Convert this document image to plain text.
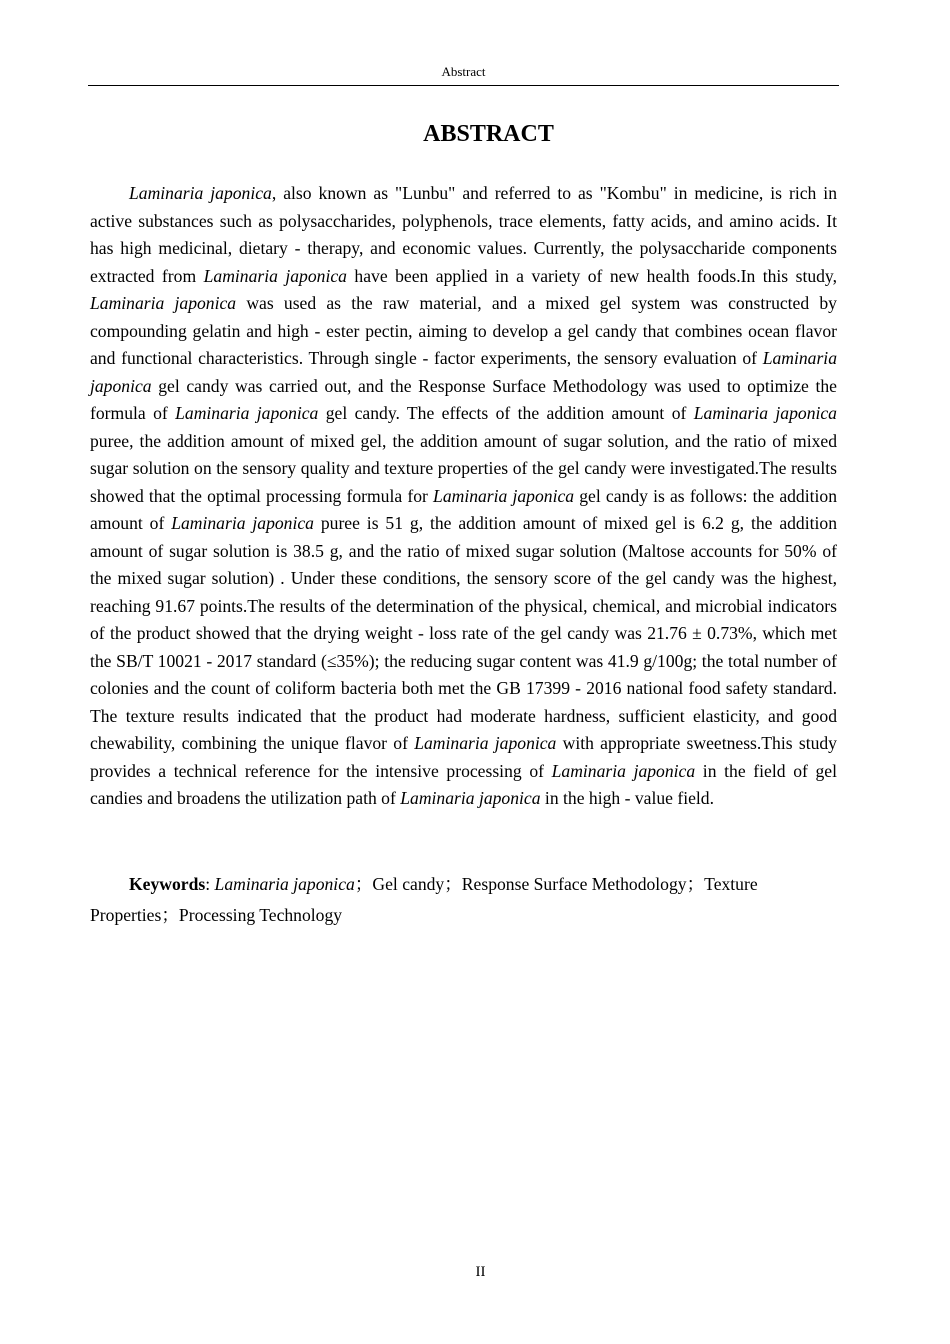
Abstract
ABSTRACT

Laminaria japonica, also known as "Lunbu" and referred to as "Kombu" in medicine, is rich in active substances such as polysaccharides, polyphenols, trace elements, fatty acids, and amino acids. It has high medicinal, dietary - therapy, and economic values. Currently, the polysaccharide components extracted from Laminaria japonica have been applied in a variety of new health foods.In this study, Laminaria japonica was used as the raw material, and a mixed gel system was constructed by compounding gelatin and high - ester pectin, aiming to develop a gel candy that combines ocean flavor and functional characteristics. Through single - factor experiments, the sensory evaluation of Laminaria japonica gel candy was carried out, and the Response Surface Methodology was used to optimize the formula of Laminaria japonica gel candy. The effects of the addition amount of Laminaria japonica puree, the addition amount of mixed gel, the addition amount of sugar solution, and the ratio of mixed sugar solution on the sensory quality and texture properties of the gel candy were investigated.The results showed that the optimal processing formula for Laminaria japonica gel candy is as follows: the addition amount of Laminaria japonica puree is 51 g, the addition amount of mixed gel is 6.2 g, the addition amount of sugar solution is 38.5 g, and the ratio of mixed sugar solution (Maltose accounts for 50% of the mixed sugar solution) . Under these conditions, the sensory score of the gel candy was the highest, reaching 91.67 points.The results of the determination of the physical, chemical, and microbial indicators of the product showed that the drying weight - loss rate of the gel candy was 21.76 ± 0.73%, which met the SB/T 10021 - 2017 standard (≤35%); the reducing sugar content was 41.9 g/100g; the total number of colonies and the count of coliform bacteria both met the GB 17399 - 2016 national food safety standard. The texture results indicated that the product had moderate hardness, sufficient elasticity, and good chewability, combining the unique flavor of Laminaria japonica with appropriate sweetness.This study provides a technical reference for the intensive processing of Laminaria japonica in the field of gel candies and broadens the utilization path of Laminaria japonica in the high - value field.

Keywords: Laminaria japonica；Gel candy；Response Surface Methodology；Texture Properties；Processing Technology

II
